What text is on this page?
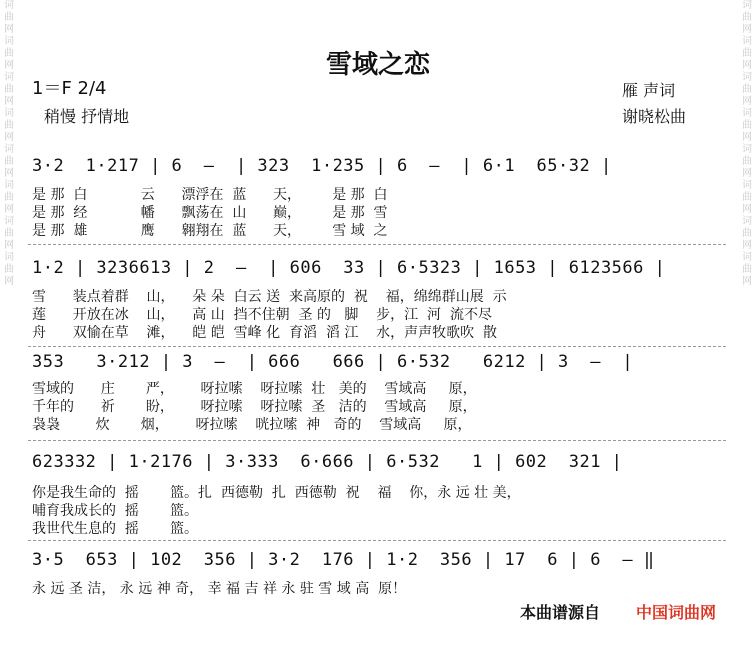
词曲网词曲网词曲网词曲网词曲网词曲网词曲网词曲网
词曲网词曲网词曲网词曲网词曲网词曲网词曲网词曲网
雪域之恋
1＝F 2/4
稍慢 抒情地
雁 声词
谢晓松曲
3·2  1·217 | 6  —  | 323  1·235 | 6  —  | 6·1  65·32 |
是 那  白            云      漂浮在  蓝      天，       是 那  白
是 那  经            幡      飘荡在  山      巅，       是 那  雪
是 那  雄            鹰      翱翔在  蓝      天，       雪 域  之
1·2 | 3236613 | 2  —  | 606  33 | 6·5323 | 1653 | 6123566 |
雪      装点着群    山，    朵 朵  白云 送  来高原的  祝    福，绵绵群山展  示
莲      开放在冰    山，    高 山  挡不住朝  圣 的   脚    步，江  河  流不尽
舟      双愉在草    滩，    皑 皑  雪峰 化  育滔  滔 江    水，声声牧歌吹  散
353   3·212 | 3  —  | 666   666 | 6·532   6212 | 3  —  |
雪域的      庄       严，      呀拉嗦    呀拉嗦  壮   美的    雪域高     原，
千年的      祈       盼，      呀拉嗦    呀拉嗦  圣   洁的    雪域高     原，
袅袅        炊       烟，      呀拉嗦    咣拉嗦  神   奇的    雪域高     原，
623332 | 1·2176 | 3·333  6·666 | 6·532   1 | 602  321 |
你是我生命的  摇       篮。扎  西德勒  扎  西德勒  祝    福    你，永 远 壮 美，
哺育我成长的  摇       篮。
我世代生息的  摇       篮。
3·5  653 | 102  356 | 3·2  176 | 1·2  356 | 17  6 | 6  — ‖
永 远 圣 洁， 永 远 神 奇， 幸 福 吉 祥 永 驻 雪 域 高  原！
本曲谱源自 中国词曲网
